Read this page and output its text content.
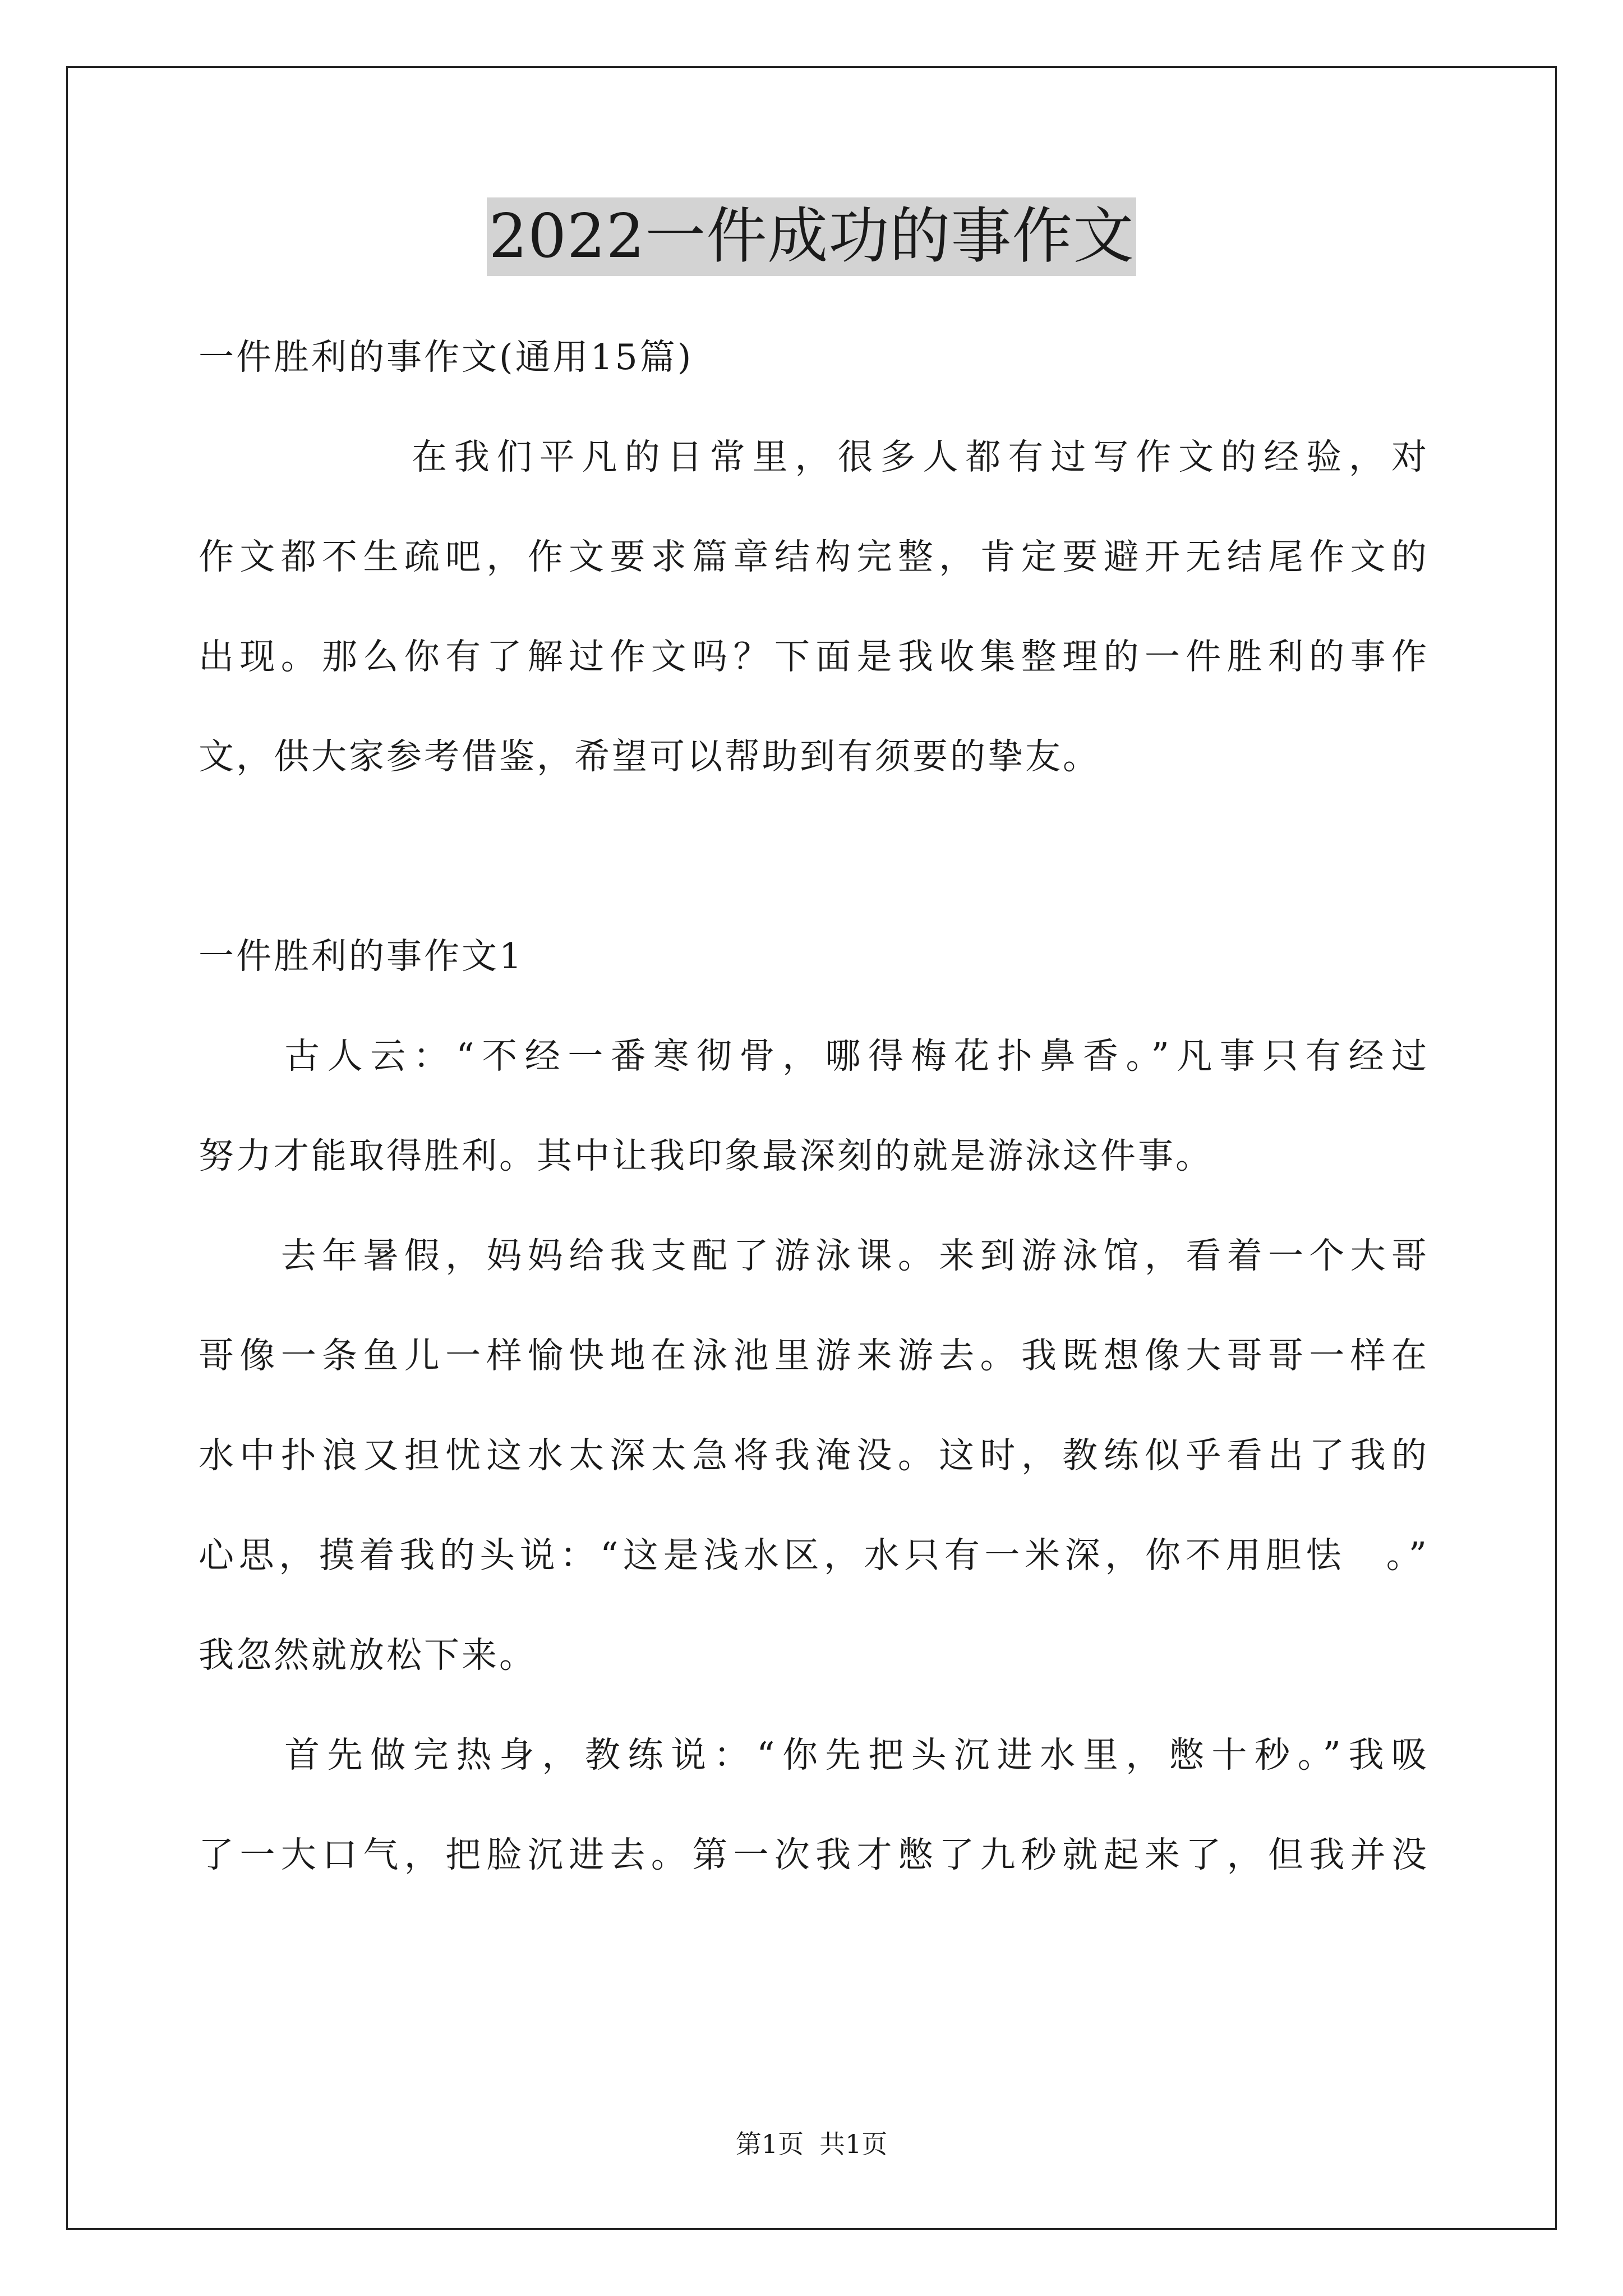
2022一件成功的事作文
一件胜利的事作文(通用15篇)
　　　　　在我们平凡的日常里，很多人都有过写作文的经验，对
作文都不生疏吧，作文要求篇章结构完整，肯定要避开无结尾作文的
出现。那么你有了解过作文吗？下面是我收集整理的一件胜利的事作
文，供大家参考借鉴，希望可以帮助到有须要的挚友。
一件胜利的事作文1
　　古人云：“不经一番寒彻骨，哪得梅花扑鼻香。”凡事只有经过
努力才能取得胜利。其中让我印象最深刻的就是游泳这件事。
　　去年暑假，妈妈给我支配了游泳课。来到游泳馆，看着一个大哥
哥像一条鱼儿一样愉快地在泳池里游来游去。我既想像大哥哥一样在
水中扑浪又担忧这水太深太急将我淹没。这时，教练似乎看出了我的
心思，摸着我的头说：“这是浅水区，水只有一米深，你不用胆怯　。”
我忽然就放松下来。
　　首先做完热身，教练说：“你先把头沉进水里，憋十秒。”我吸
了一大口气，把脸沉进去。第一次我才憋了九秒就起来了，但我并没
第1页 共1页
